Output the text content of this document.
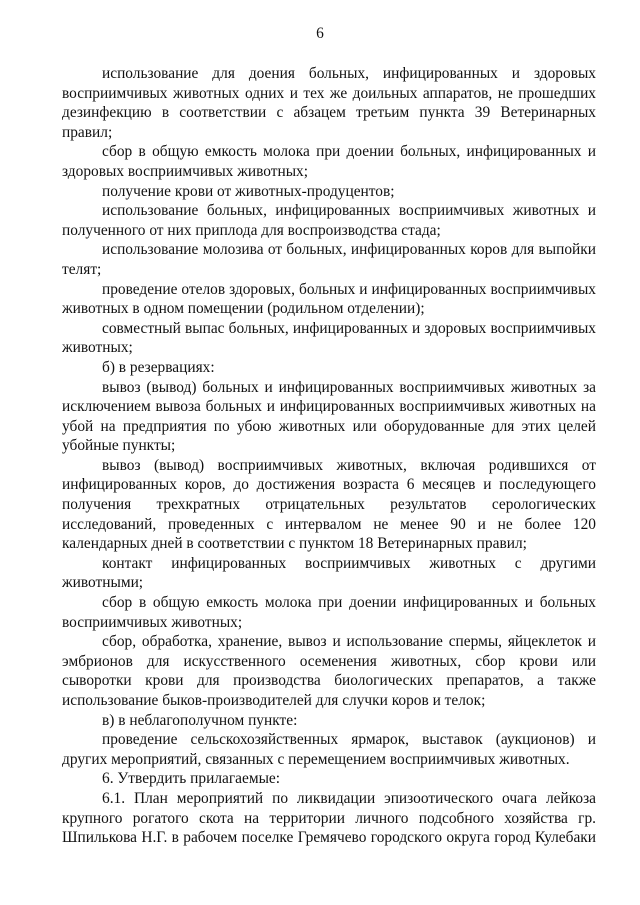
6

использование для доения больных, инфицированных и здоровых восприимчивых животных одних и тех же доильных аппаратов, не прошедших дезинфекцию в соответствии с абзацем третьим пункта 39 Ветеринарных правил;

сбор в общую емкость молока при доении больных, инфицированных и здоровых восприимчивых животных;

получение крови от животных-продуцентов;

использование больных, инфицированных восприимчивых животных и полученного от них приплода для воспроизводства стада;

использование молозива от больных, инфицированных коров для выпойки телят;

проведение отелов здоровых, больных и инфицированных восприимчивых животных в одном помещении (родильном отделении);

совместный выпас больных, инфицированных и здоровых восприимчивых животных;

б) в резервациях:

вывоз (вывод) больных и инфицированных восприимчивых животных за исключением вывоза больных и инфицированных восприимчивых животных на убой на предприятия по убою животных или оборудованные для этих целей убойные пункты;

вывоз (вывод) восприимчивых животных, включая родившихся от инфицированных коров, до достижения возраста 6 месяцев и последующего получения трехкратных отрицательных результатов серологических исследований, проведенных с интервалом не менее 90 и не более 120 календарных дней в соответствии с пунктом 18 Ветеринарных правил;

контакт инфицированных восприимчивых животных с другими животными;

сбор в общую емкость молока при доении инфицированных и больных восприимчивых животных;

сбор, обработка, хранение, вывоз и использование спермы, яйцеклеток и эмбрионов для искусственного осеменения животных, сбор крови или сыворотки крови для производства биологических препаратов, а также использование быков-производителей для случки коров и телок;

в) в неблагополучном пункте:

проведение сельскохозяйственных ярмарок, выставок (аукционов) и других мероприятий, связанных с перемещением восприимчивых животных.

6. Утвердить прилагаемые:

6.1. План мероприятий по ликвидации эпизоотического очага лейкоза крупного рогатого скота на территории личного подсобного хозяйства гр. Шпилькова Н.Г. в рабочем поселке Гремячево городского округа город Кулебаки
